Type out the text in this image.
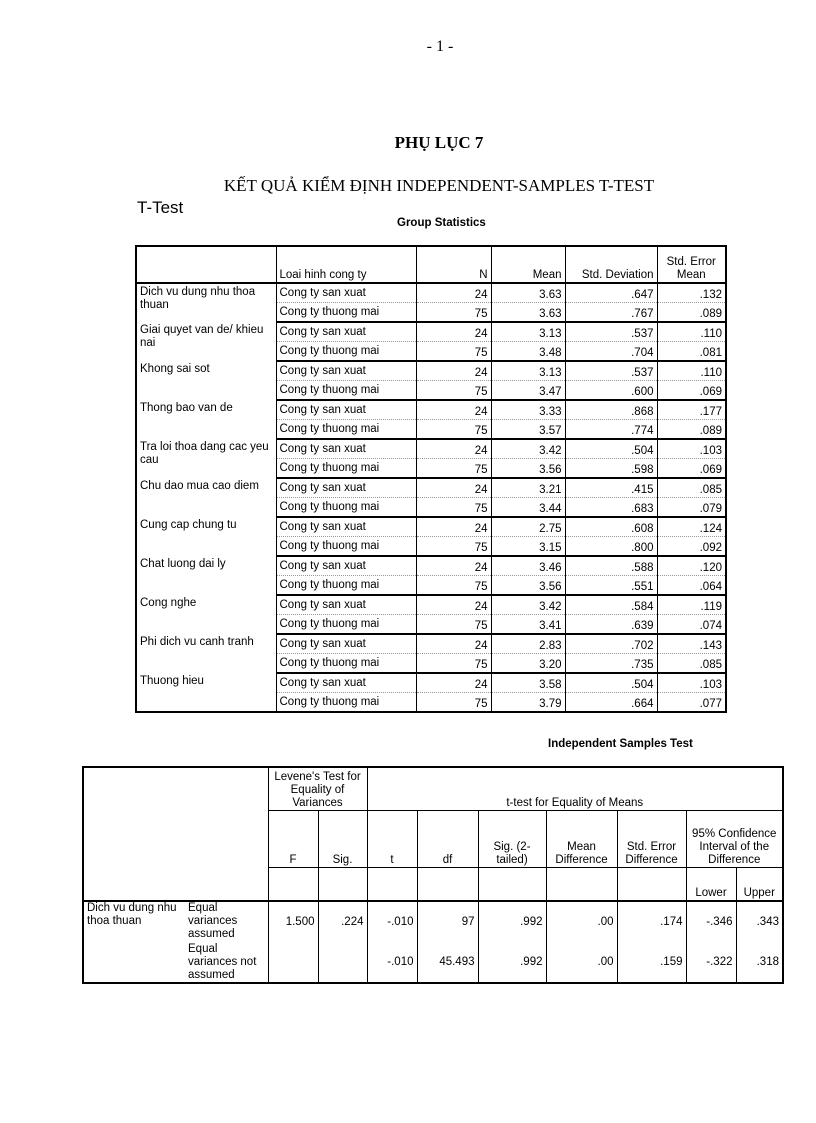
- 1 -
PHỤ LỤC 7
KẾT QUẢ KIỂM ĐỊNH INDEPENDENT-SAMPLES T-TEST
T-Test
Group Statistics
	Loai hinh cong ty	N	Mean	Std. Deviation	Std. Error
Mean
Dich vu dung nhu thoa thuan	Cong ty san xuat	24	3.63	.647	.132
	Cong ty thuong mai	75	3.63	.767	.089
Giai quyet van de/ khieu nai	Cong ty san xuat	24	3.13	.537	.110
	Cong ty thuong mai	75	3.48	.704	.081
Khong sai sot	Cong ty san xuat	24	3.13	.537	.110
	Cong ty thuong mai	75	3.47	.600	.069
Thong bao van de	Cong ty san xuat	24	3.33	.868	.177
	Cong ty thuong mai	75	3.57	.774	.089
Tra loi thoa dang cac yeu cau	Cong ty san xuat	24	3.42	.504	.103
	Cong ty thuong mai	75	3.56	.598	.069
Chu dao mua cao diem	Cong ty san xuat	24	3.21	.415	.085
	Cong ty thuong mai	75	3.44	.683	.079
Cung cap chung tu	Cong ty san xuat	24	2.75	.608	.124
	Cong ty thuong mai	75	3.15	.800	.092
Chat luong dai ly	Cong ty san xuat	24	3.46	.588	.120
	Cong ty thuong mai	75	3.56	.551	.064
Cong nghe	Cong ty san xuat	24	3.42	.584	.119
	Cong ty thuong mai	75	3.41	.639	.074
Phi dich vu canh tranh	Cong ty san xuat	24	2.83	.702	.143
	Cong ty thuong mai	75	3.20	.735	.085
Thuong hieu	Cong ty san xuat	24	3.58	.504	.103
	Cong ty thuong mai	75	3.79	.664	.077
Independent Samples Test
		Levene's Test for Equality of Variances		t-test for Equality of Means						
		F	Sig.	t	df	Sig. (2-tailed)	Mean Difference	Std. Error Difference	95% Confidence Interval of the Difference	
									Lower	Upper
Dich vu dung nhu thoa thuan	Equal variances assumed	1.500	.224	-.010	97	.992	.00	.174	-.346	.343
	Equal variances not assumed			-.010	45.493	.992	.00	.159	-.322	.318
